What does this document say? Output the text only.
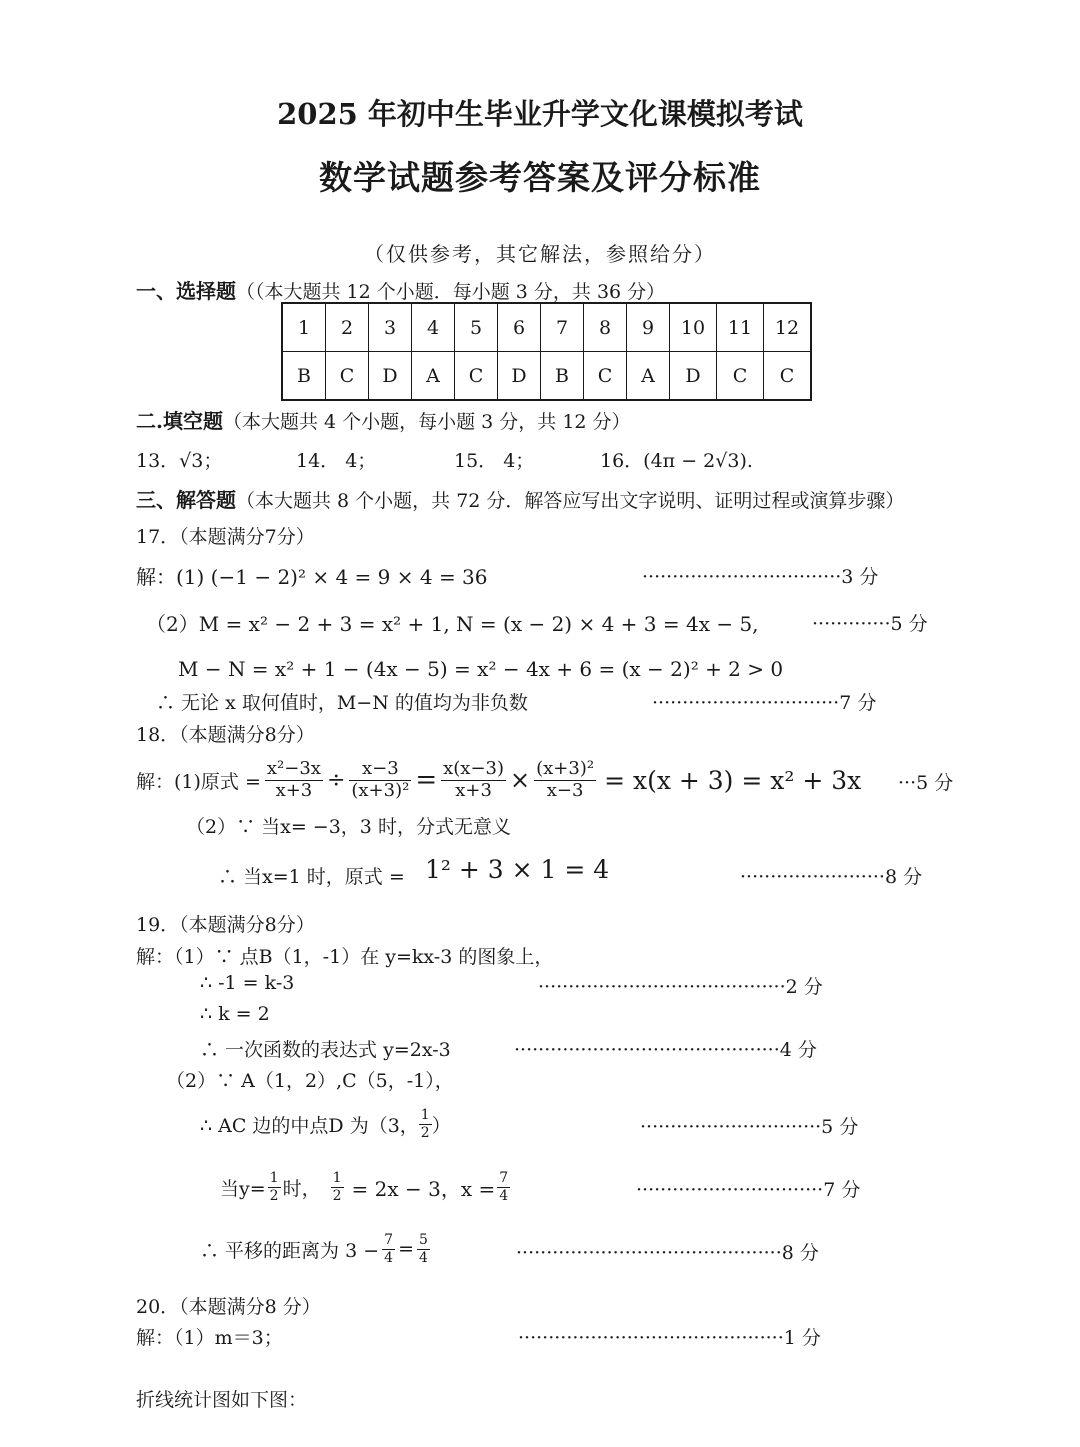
2025 年初中生毕业升学文化课模拟考试
数学试题参考答案及评分标准
（仅供参考，其它解法，参照给分）
一、选择题（（本大题共 12 个小题．每小题 3 分，共 36 分）
1	2	3	4	5	6	7	8	9	10	11	12
B	C	D	A	C	D	B	C	A	D	C	C
二.填空题（本大题共 4 个小题，每小题 3 分，共 12 分）
13．√3；	14． 4；	15． 4；	16．(4π − 2√3).
三、解答题（本大题共 8 个小题，共 72 分．解答应写出文字说明、证明过程或演算步骤）
17．（本题满分7分）
解：(1) (−1 − 2)² × 4 = 9 × 4 = 36	·································3 分
（2）M = x² − 2 + 3 = x² + 1, N = (x − 2) × 4 + 3 = 4x − 5,	·············5 分
M − N = x² + 1 − (4x − 5) = x² − 4x + 6 = (x − 2)² + 2 > 0
∴ 无论 x 取何值时，M−N 的值均为非负数	·······························7 分
18．（本题满分8分）
解：(1)原式 = $\frac{\text{x²−3x}}{x+3} \div \frac{x-3}{\text{(x+3)²}} = \frac{x(x-3)}{x+3} \times \frac{\text{(x+3)²}}{x-3} = x(x + 3) = x^2 + 3x \cdot\cdot\cdot 5$ 分
（2）∵ 当x= −3，3 时，分式无意义
∴ 当x=1 时，原式 = 1² + 3 × 1 = 4	························8 分
19．（本题满分8分）
解：（1）∵ 点B（1，-1）在 y=kx-3 的图象上，
∴ -1 = k-3	·········································2 分
∴ k = 2
∴ 一次函数的表达式 y=2x-3	············································4 分
（2）∵ A（1，2）,C（5，-1），
∴ AC 边的中点D 为（3， $\frac{1}{2}$ ）	······························5 分
当$y= \frac{1}{2}$ 时， $\frac{1}{2} = 2x - 3$，$x = \frac{7}{4}$	·······························7 分
∴ 平移的距离为 $3 - \frac{7}{4} = \frac{5}{4}$	············································8 分
20．（本题满分8 分）
解：（1）m＝3；	············································1 分
折线统计图如下图：
